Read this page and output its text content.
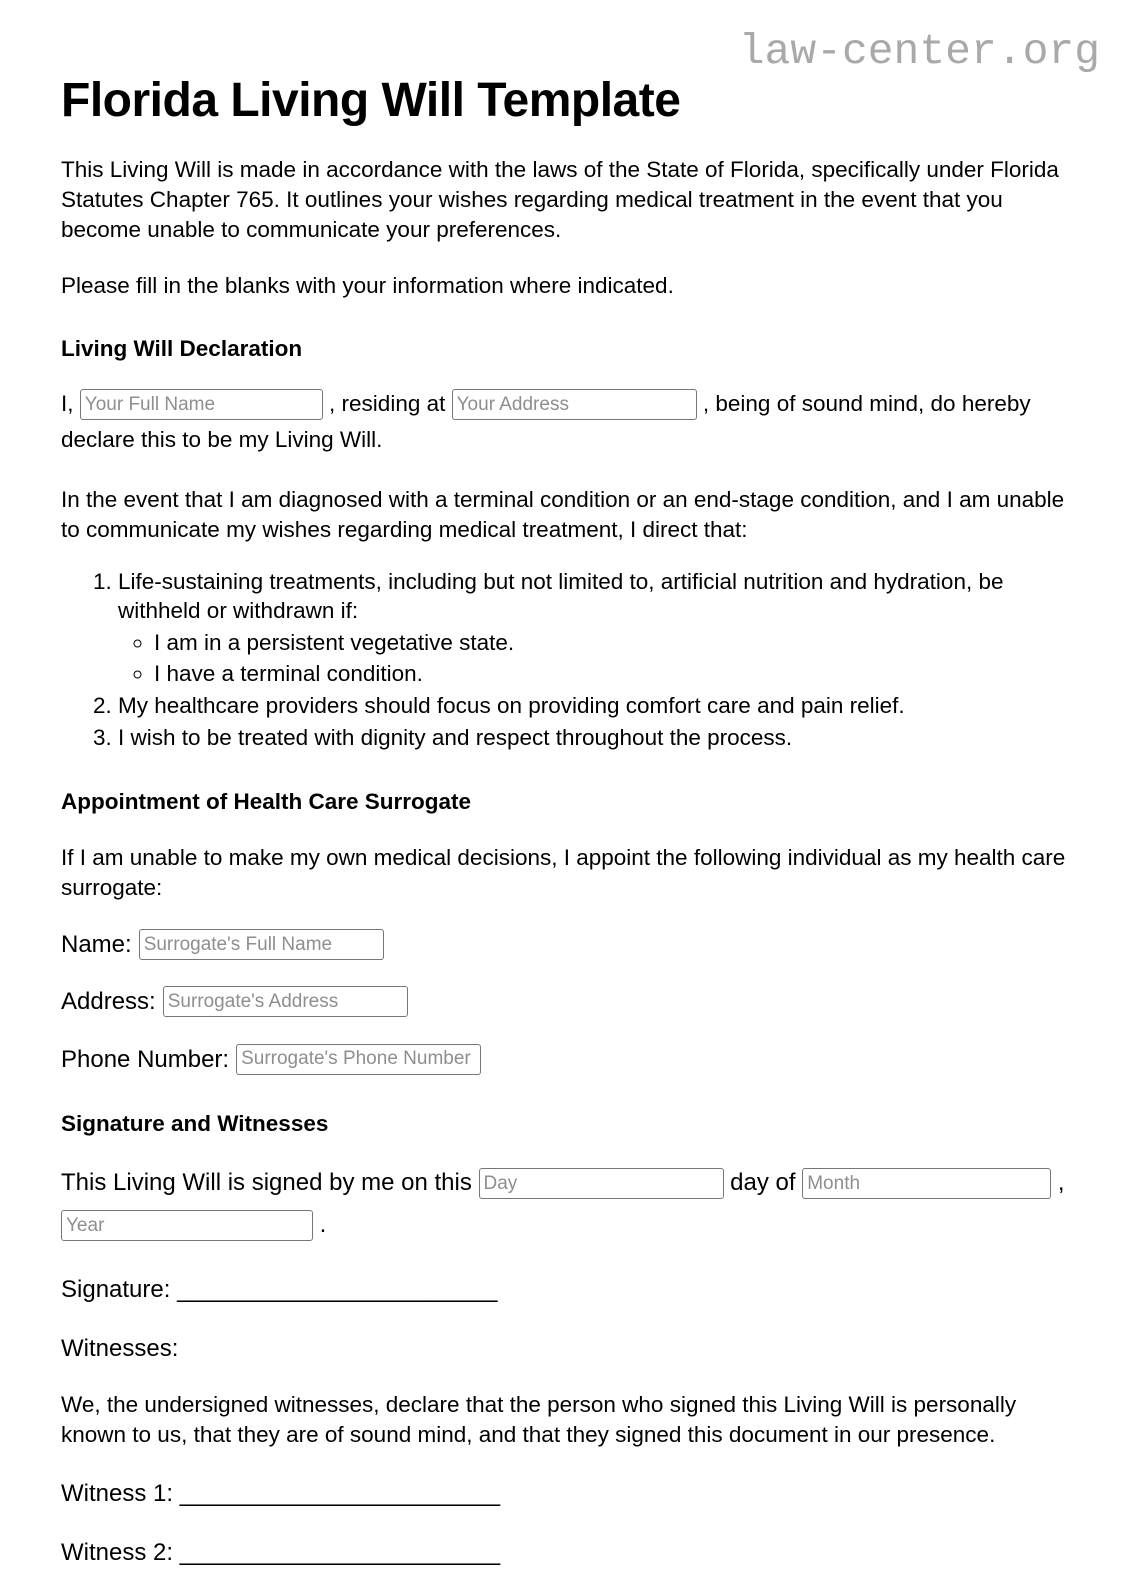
law-center.org
Florida Living Will Template

This Living Will is made in accordance with the laws of the State of Florida, specifically under Florida Statutes Chapter 765. It outlines your wishes regarding medical treatment in the event that you become unable to communicate your preferences.

Please fill in the blanks with your information where indicated.

Living Will Declaration

I, Your Full Name	, residing at Your Address	, being of sound mind, do hereby declare this to be my Living Will.

In the event that I am diagnosed with a terminal condition or an end-stage condition, and I am unable to communicate my wishes regarding medical treatment, I direct that:

1. Life-sustaining treatments, including but not limited to, artificial nutrition and hydration, be withheld or withdrawn if:
◦ I am in a persistent vegetative state.
◦ I have a terminal condition.
2. My healthcare providers should focus on providing comfort care and pain relief.
3. I wish to be treated with dignity and respect throughout the process.
Appointment of Health Care Surrogate

If I am unable to make my own medical decisions, I appoint the following individual as my health care surrogate:

Name:
Surrogate's Full Name
Address:
Surrogate's Address
Phone Number:
Surrogate's Phone Number
Signature and Witnesses

This Living Will is signed by me on this Day	day of Month	, Year .

Signature: ________________________
Witnesses:

We, the undersigned witnesses, declare that the person who signed this Living Will is personally known to us, that they are of sound mind, and that they signed this document in our presence.

Witness 1: ________________________
Witness 2: ________________________
